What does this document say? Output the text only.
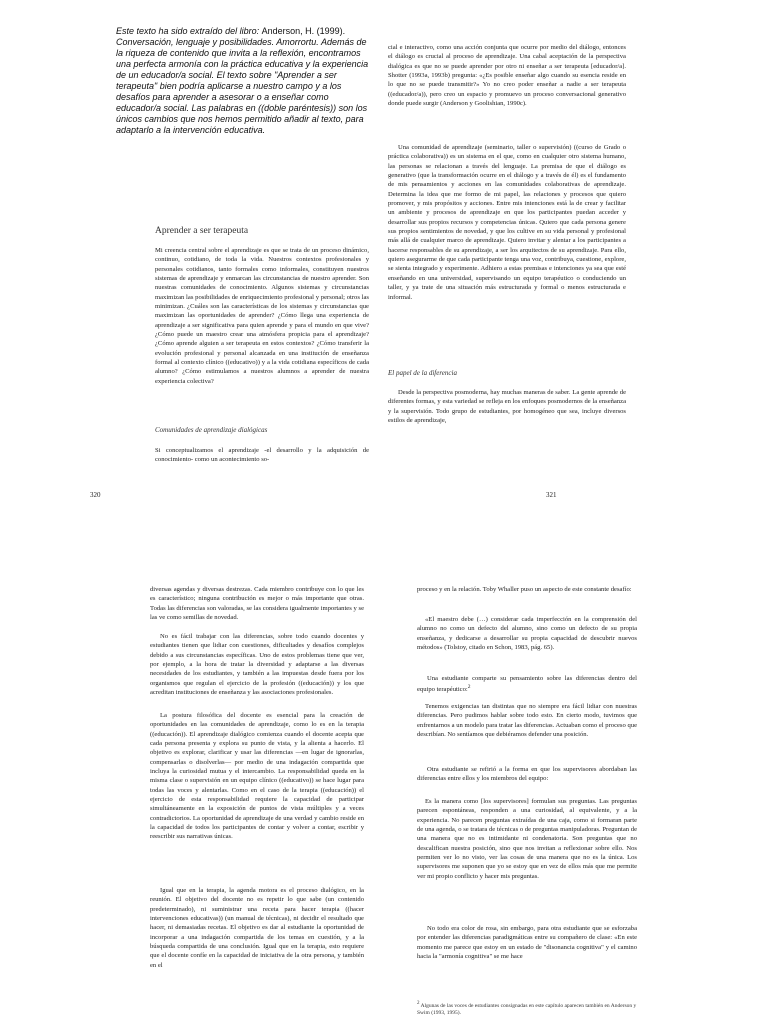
Este texto ha sido extraído del libro: Anderson, H. (1999). Conversación, lenguaje y posibilidades. Amorrortu. Además de la riqueza de contenido que invita a la reflexión, encontramos una perfecta armonía con la práctica educativa y la experiencia de un educador/a social. El texto sobre "Aprender a ser terapeuta" bien podría aplicarse a nuestro campo y a los desafíos para aprender a asesorar o a enseñar como educador/a social. Las palabras en ((doble paréntesis)) son los únicos cambios que nos hemos permitido añadir al texto, para adaptarlo a la intervención educativa.
Aprender a ser terapeuta
Mi creencia central sobre el aprendizaje es que se trata de un proceso dinámico, continuo, cotidiano, de toda la vida. Nuestros contextos profesionales y personales cotidianos, tanto formales como informales, constituyen nuestros sistemas de aprendizaje y enmarcan las circunstancias de nuestro aprender. Son nuestras comunidades de conocimiento. Algunos sistemas y circunstancias maximizan las posibilidades de enriquecimiento profesional y personal; otros las minimizan. ¿Cuáles son las características de los sistemas y circunstancias que maximizan las oportunidades de aprender? ¿Cómo llega una experiencia de aprendizaje a ser significativa para quien aprende y para el mundo en que vive? ¿Cómo puede un maestro crear una atmósfera propicia para el aprendizaje? ¿Cómo aprende alguien a ser terapeuta en estos contextos? ¿Cómo transferir la evolución profesional y personal alcanzada en una institución de enseñanza formal al contexto clínico ((educativo)) y a la vida cotidiana específicos de cada alumno? ¿Cómo estimulamos a nuestros alumnos a aprender de nuestra experiencia colectiva?
Comunidades de aprendizaje dialógicas
Si conceptualizamos el aprendizaje -el desarrollo y la adquisición de conocimiento- como un acontecimiento so-
320
cial e interactivo, como una acción conjunta que ocurre por medio del diálogo, entonces el diálogo es crucial al proceso de aprendizaje. Una cabal aceptación de la perspectiva dialógica es que no se puede aprender por otro ni enseñar a ser terapeuta [educador/a]. Shotter (1993a, 1993b) pregunta: «¿Es posible enseñar algo cuando su esencia reside en lo que no se puede transmitir?» Yo no creo poder enseñar a nadie a ser terapeuta ((educador/a)), pero creo un espacio y promuevo un proceso conversacional generativo donde puede surgir (Anderson y Goolishian, 1990c).
Una comunidad de aprendizaje (seminario, taller o supervisión) ((curso de Grado o práctica colaborativa)) es un sistema en el que, como en cualquier otro sistema humano, las personas se relacionan a través del lenguaje. La premisa de que el diálogo es generativo (que la transformación ocurre en el diálogo y a través de él) es el fundamento de mis pensamientos y acciones en las comunidades colaborativas de aprendizaje. Determina la idea que me formo de mi papel, las relaciones y procesos que quiero promover, y mis propósitos y acciones. Entre mis intenciones está la de crear y facilitar un ambiente y procesos de aprendizaje en que los participantes puedan acceder y desarrollar sus propios recursos y competencias únicas. Quiero que cada persona genere sus propios sentimientos de novedad, y que los cultive en su vida personal y profesional más allá de cualquier marco de aprendizaje. Quiero invitar y alentar a los participantes a hacerse responsables de su aprendizaje, a ser los arquitectos de su aprendizaje. Para ello, quiero asegurarme de que cada participante tenga una voz, contribuya, cuestione, explore, se sienta integrado y experimente. Adhiero a estas premisas e intenciones ya sea que esté enseñando en una universidad, supervisando un equipo terapéutico o conduciendo un taller, y ya trate de una situación más estructurada y formal o menos estructurada e informal.
El papel de la diferencia
Desde la perspectiva posmoderna, hay muchas maneras de saber. La gente aprende de diferentes formas, y esta variedad se refleja en los enfoques posmodernos de la enseñanza y la supervisión. Todo grupo de estudiantes, por homogéneo que sea, incluye diversos estilos de aprendizaje,
321
diversas agendas y diversas destrezas. Cada miembro contribuye con lo que les es característico; ninguna contribución es mejor o más importante que otras. Todas las diferencias son valoradas, se las considera igualmente importantes y se las ve como semillas de novedad.
No es fácil trabajar con las diferencias, sobre todo cuando docentes y estudiantes tienen que lidiar con cuestiones, dificultades y desafíos complejos debido a sus circunstancias específicas. Uno de estos problemas tiene que ver, por ejemplo, a la hora de tratar la diversidad y adaptarse a las diversas necesidades de los estudiantes, y también a las impuestas desde fuera por los organismos que regulan el ejercicio de la profesión ((educación)) y los que acreditan instituciones de enseñanza y las asociaciones profesionales.
La postura filosófica del docente es esencial para la creación de oportunidades en las comunidades de aprendizaje, como lo es en la terapia ((educación)). El aprendizaje dialógico comienza cuando el docente acepta que cada persona presenta y explora su punto de vista, y la alienta a hacerlo. El objetivo es explorar, clarificar y usar las diferencias —en lugar de ignorarlas, compensarlas o disolverlas— por medio de una indagación compartida que incluya la curiosidad mutua y el intercambio. La responsabilidad queda en la misma clase o supervisión en un equipo clínico ((educativo)) se hace lugar para todas las voces y alentarlas. Como en el caso de la terapia ((educación)) el ejercicio de esta responsabilidad requiere la capacidad de participar simultáneamente en la exposición de puntos de vista múltiples y a veces contradictorios. La oportunidad de aprendizaje de una verdad y cambio reside en la capacidad de todos los participantes de contar y volver a contar, escribir y reescribir sus narrativas únicas.
Igual que en la terapia, la agenda motora es el proceso dialógico, en la reunión. El objetivo del docente no es repetir lo que sabe (un contenido predeterminado), ni suministrar una receta para hacer terapia ((hacer intervenciones educativas)) (un manual de técnicas), ni decidir el resultado que hacer, ni demasiadas recetas. El objetivo es dar al estudiante la oportunidad de incorporar a una indagación compartida de los temas en cuestión, y a la búsqueda compartida de una conclusión. Igual que en la terapia, esto requiere que el docente confíe en la capacidad de iniciativa de la otra persona, y también en el
proceso y en la relación. Toby Whaller puso un aspecto de este constante desafío:
«El maestro debe (…) considerar cada imperfección en la comprensión del alumno no como un defecto del alumno, sino como un defecto de su propia enseñanza, y dedicarse a desarrollar su propia capacidad de descubrir nuevos métodos» (Tolstoy, citado en Schon, 1983, pág. 65).
Una estudiante comparte su pensamiento sobre las diferencias dentro del equipo terapéutico:$^2$
Tenemos exigencias tan distintas que no siempre era fácil lidiar con nuestras diferencias. Pero pudimos hablar sobre todo esto. En cierto modo, tuvimos que enfrentarnos a un modelo para tratar las diferencias. Actuaban como el proceso que describían. No sentíamos que debiéramos defender una posición.
Otra estudiante se refirió a la forma en que los supervisores abordaban las diferencias entre ellos y los miembros del equipo:
Es la manera como [los supervisores] formulan sus preguntas. Las preguntas parecen espontáneas, responden a una curiosidad, al equivalente, y a la experiencia. No parecen preguntas extraídas de una caja, como si formaran parte de una agenda, o se tratara de técnicas o de preguntas manipuladoras. Preguntan de una manera que no es intimidante ni condenatoria. Son preguntas que no descalifican nuestra posición, sino que nos invitan a reflexionar sobre ello. Nos permiten ver lo no visto, ver las cosas de una manera que no es la única. Los supervisores me suponen que yo se estoy que en vez de ellos más que me permite ver mi propio conflicto y hacer mis preguntas.
No todo era color de rosa, sin embargo, para otra estudiante que se esforzaba por entender las diferencias paradigmáticas entre su compañero de clase: «En este momento me parece que estoy en un estado de "disonancia cognitiva" y el camino hacia la "armonía cognitiva" se me hace
$^2$ Algunas de las voces de estudiantes consignadas en este capítulo aparecen también en Anderson y Swim (1993, 1995).
